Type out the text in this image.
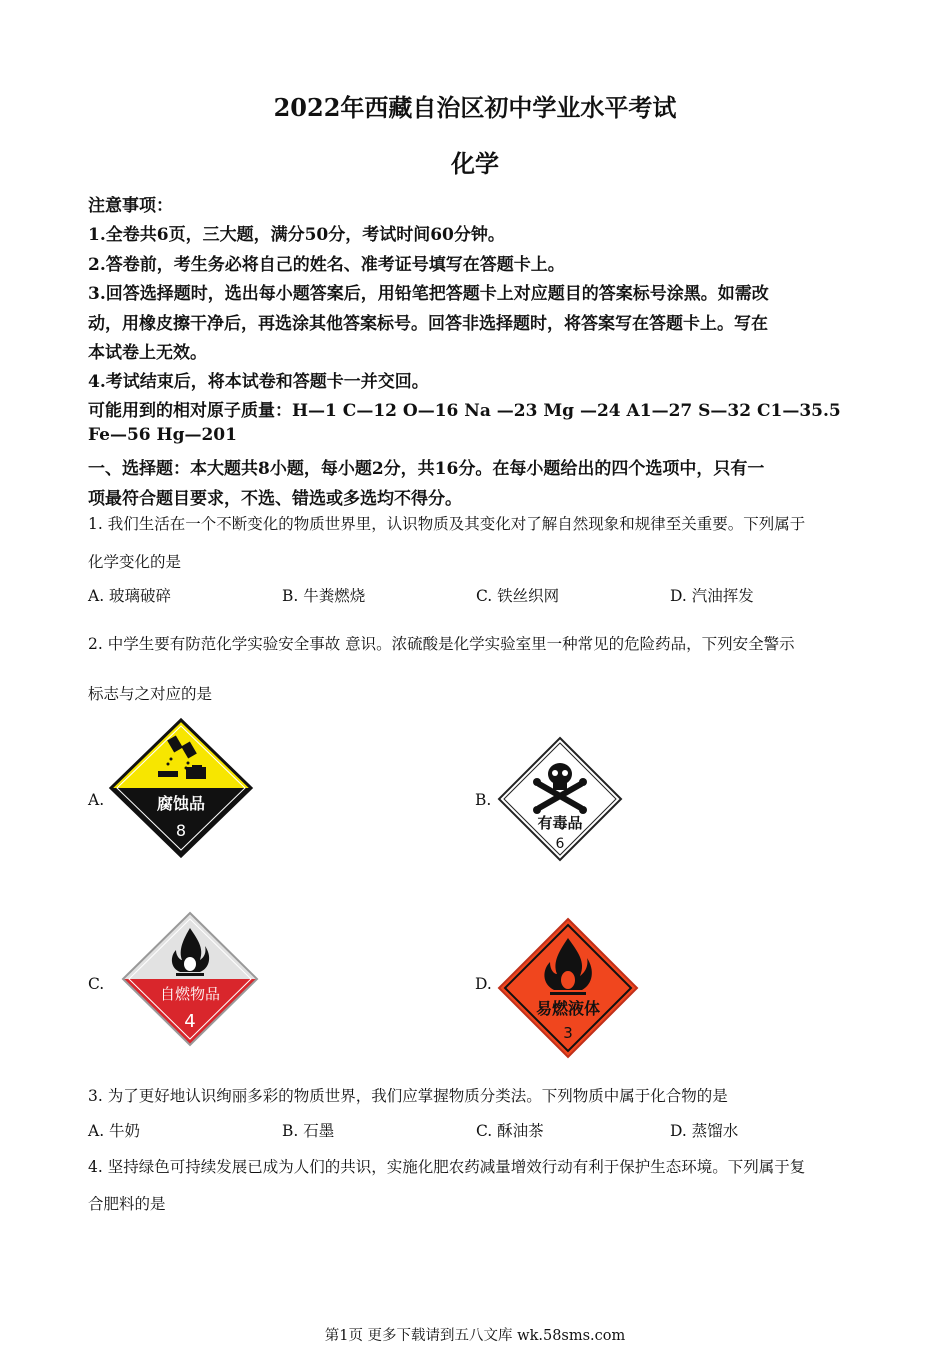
2022年西藏自治区初中学业水平考试
化学
注意事项：
1.全卷共6页，三大题，满分50分，考试时间60分钟。
2.答卷前，考生务必将自己的姓名、准考证号填写在答题卡上。
3.回答选择题时，选出每小题答案后，用铅笔把答题卡上对应题目的答案标号涂黑。如需改
动，用橡皮擦干净后，再选涂其他答案标号。回答非选择题时，将答案写在答题卡上。写在
本试卷上无效。
4.考试结束后，将本试卷和答题卡一并交回。
可能用到的相对原子质量：H—1 C—12 O—16 Na —23 Mg —24 A1—27 S—32 C1—35.5
Fe—56 Hg—201
一、选择题：本大题共8小题，每小题2分，共16分。在每小题给出的四个选项中，只有一
项最符合题目要求，不选、错选或多选均不得分。
1. 我们生活在一个不断变化的物质世界里，认识物质及其变化对了解自然现象和规律至关重要。下列属于
化学变化的是
A. 玻璃破碎	B. 牛粪燃烧	C. 铁丝织网	D. 汽油挥发
2. 中学生要有防范化学实验安全事故 意识。浓硫酸是化学实验室里一种常见的危险药品，下列安全警示
标志与之对应的是
A.	腐蚀品
8
B.
有毒品
6
C.
自燃物品
4
D.
易燃液体
3
3. 为了更好地认识绚丽多彩的物质世界，我们应掌握物质分类法。下列物质中属于化合物的是
A. 牛奶	B. 石墨	C. 酥油茶	D. 蒸馏水
4. 坚持绿色可持续发展已成为人们的共识，实施化肥农药减量增效行动有利于保护生态环境。下列属于复
合肥料的是
第1页 更多下载请到五八文库 wk.58sms.com
